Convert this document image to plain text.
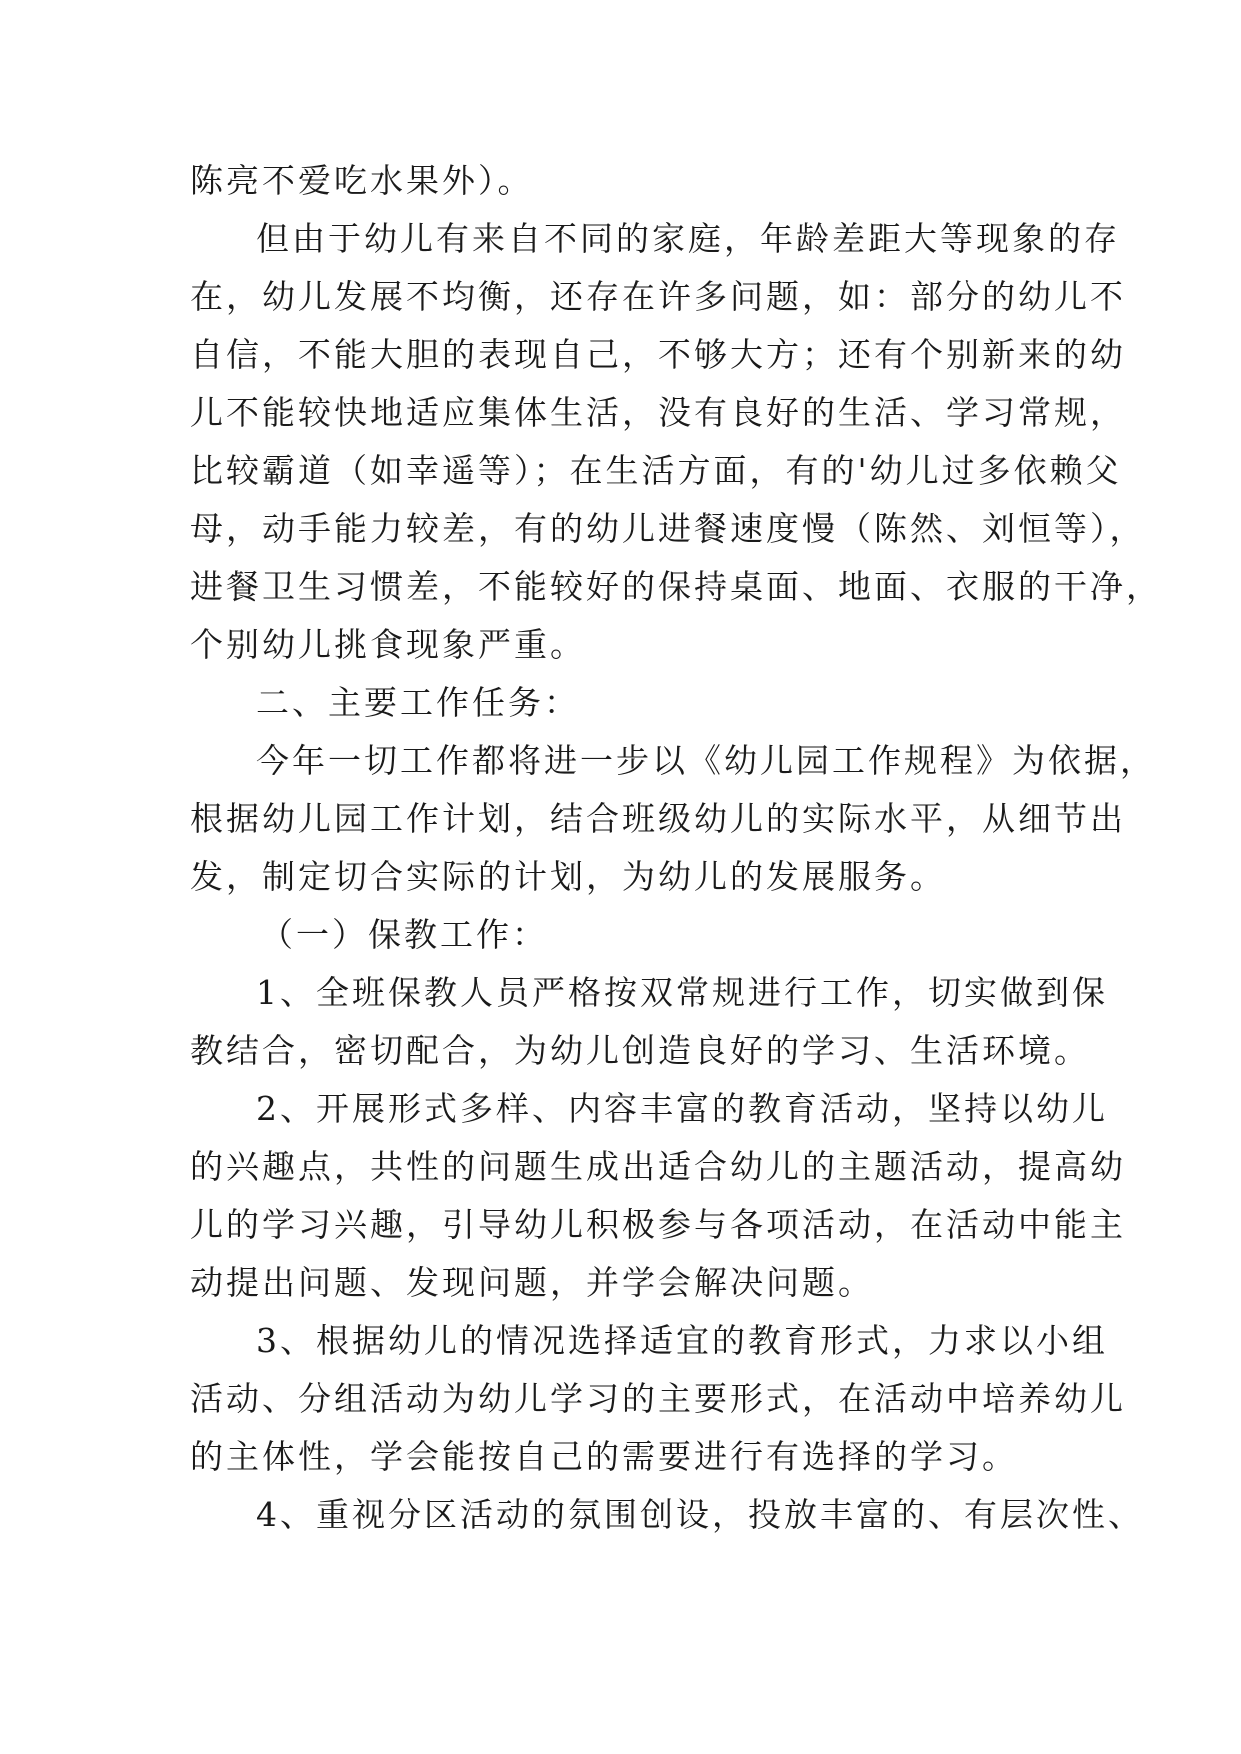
陈亮不爱吃水果外）。
但由于幼儿有来自不同的家庭，年龄差距大等现象的存
在，幼儿发展不均衡，还存在许多问题，如：部分的幼儿不
自信，不能大胆的表现自己，不够大方；还有个别新来的幼
儿不能较快地适应集体生活，没有良好的生活、学习常规，
比较霸道（如幸遥等）；在生活方面，有的'幼儿过多依赖父
母，动手能力较差，有的幼儿进餐速度慢（陈然、刘恒等），
进餐卫生习惯差，不能较好的保持桌面、地面、衣服的干净，
个别幼儿挑食现象严重。
二、主要工作任务：
今年一切工作都将进一步以《幼儿园工作规程》为依据，
根据幼儿园工作计划，结合班级幼儿的实际水平，从细节出
发，制定切合实际的计划，为幼儿的发展服务。
（一）保教工作：
1、全班保教人员严格按双常规进行工作，切实做到保
教结合，密切配合，为幼儿创造良好的学习、生活环境。
2、开展形式多样、内容丰富的教育活动，坚持以幼儿
的兴趣点，共性的问题生成出适合幼儿的主题活动，提高幼
儿的学习兴趣，引导幼儿积极参与各项活动，在活动中能主
动提出问题、发现问题，并学会解决问题。
3、根据幼儿的情况选择适宜的教育形式，力求以小组
活动、分组活动为幼儿学习的主要形式，在活动中培养幼儿
的主体性，学会能按自己的需要进行有选择的学习。
4、重视分区活动的氛围创设，投放丰富的、有层次性、
